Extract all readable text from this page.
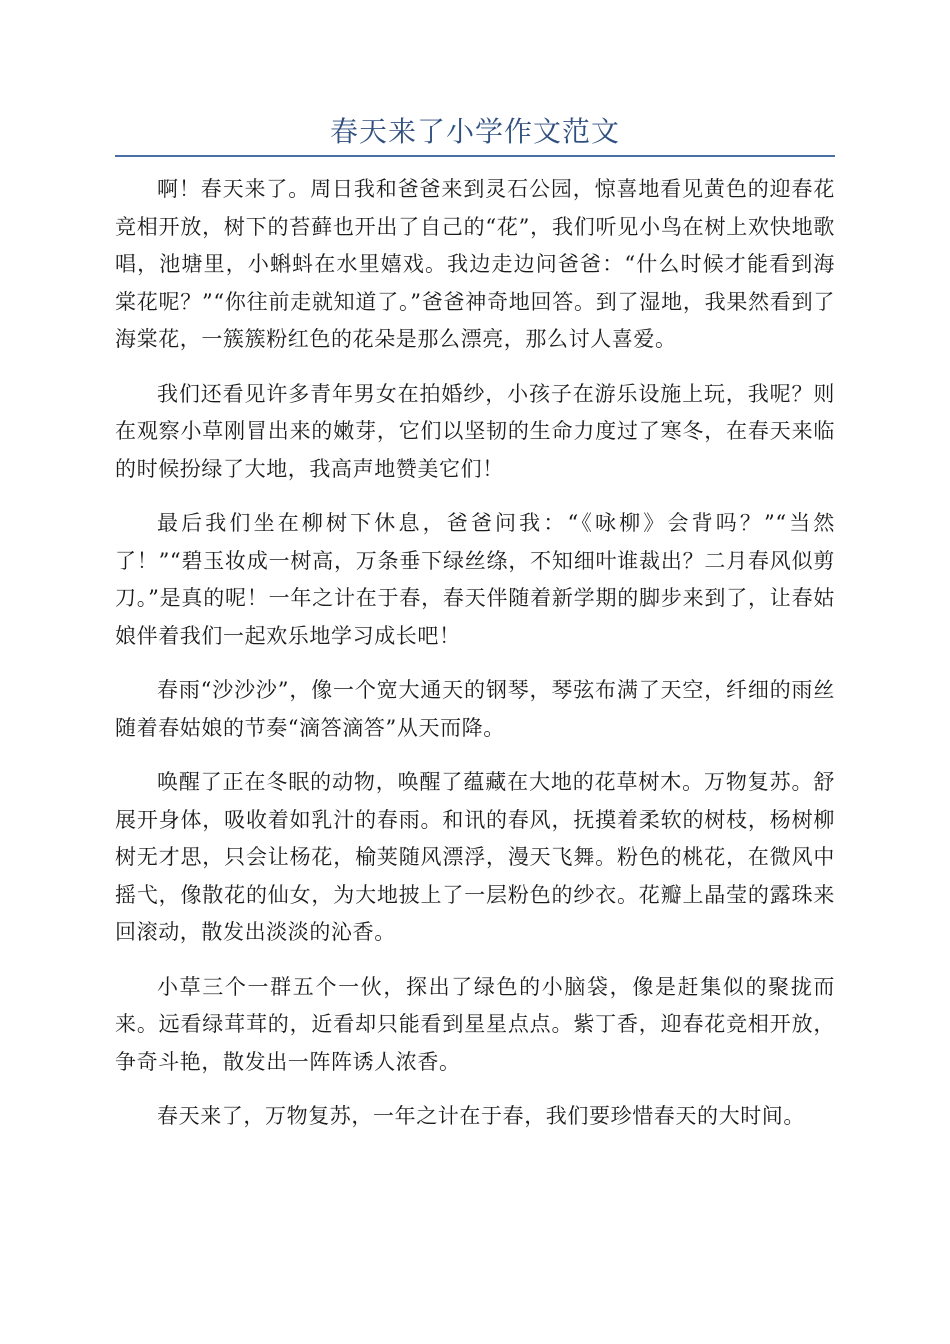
春天来了小学作文范文

啊！春天来了。周日我和爸爸来到灵石公园，惊喜地看见黄色的迎春花竞相开放，树下的苔藓也开出了自己的“花”，我们听见小鸟在树上欢快地歌唱，池塘里，小蝌蚪在水里嬉戏。我边走边问爸爸：“什么时候才能看到海棠花呢？”“你往前走就知道了。”爸爸神奇地回答。到了湿地，我果然看到了海棠花，一簇簇粉红色的花朵是那么漂亮，那么讨人喜爱。

我们还看见许多青年男女在拍婚纱，小孩子在游乐设施上玩，我呢？则在观察小草刚冒出来的嫩芽，它们以坚韧的生命力度过了寒冬，在春天来临的时候扮绿了大地，我高声地赞美它们！

最后我们坐在柳树下休息，爸爸问我：“《咏柳》会背吗？”“当然了！”“碧玉妆成一树高，万条垂下绿丝绦，不知细叶谁裁出？二月春风似剪刀。”是真的呢！一年之计在于春，春天伴随着新学期的脚步来到了，让春姑娘伴着我们一起欢乐地学习成长吧！

春雨“沙沙沙”，像一个宽大通天的钢琴，琴弦布满了天空，纤细的雨丝随着春姑娘的节奏“滴答滴答”从天而降。

唤醒了正在冬眠的动物，唤醒了蕴藏在大地的花草树木。万物复苏。舒展开身体，吸收着如乳汁的春雨。和讯的春风，抚摸着柔软的树枝，杨树柳树无才思，只会让杨花，榆荚随风漂浮，漫天飞舞。粉色的桃花，在微风中摇弋，像散花的仙女，为大地披上了一层粉色的纱衣。花瓣上晶莹的露珠来回滚动，散发出淡淡的沁香。

小草三个一群五个一伙，探出了绿色的小脑袋，像是赶集似的聚拢而来。远看绿茸茸的，近看却只能看到星星点点。紫丁香，迎春花竞相开放，争奇斗艳，散发出一阵阵诱人浓香。

春天来了，万物复苏，一年之计在于春，我们要珍惜春天的大时间。
